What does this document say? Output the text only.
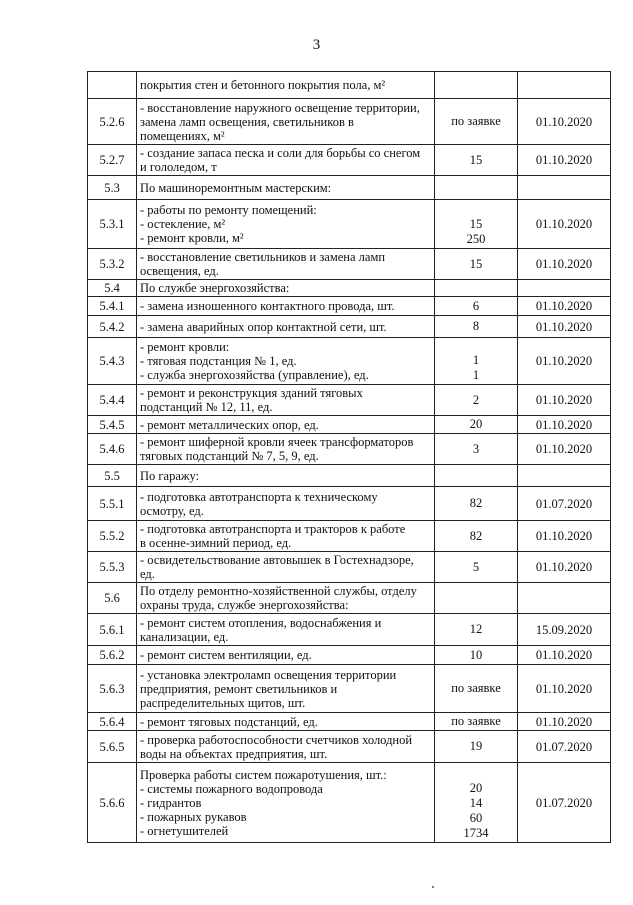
3

	покрытия стен и бетонного покрытия пола, м²		

5.2.6	- восстановление наружного освещение территории,
замена ламп освещения, светильников в
помещениях, м²	по заявке	01.10.2020
5.2.7	- создание запаса песка и соли для борьбы со снегом
и гололедом, т	15	01.10.2020
5.3	По машиноремонтным мастерским:		

5.3.1	- работы по ремонту помещений:
- остекление, м²
- ремонт кровли, м²	15
250	01.10.2020
5.3.2	- восстановление светильников и замена ламп
освещения, ед.	15	01.10.2020
5.4	По службе энергохозяйства:		

5.4.1	- замена изношенного контактного провода, шт.	6	01.10.2020
5.4.2	- замена аварийных опор контактной сети, шт.	8	01.10.2020
5.4.3	- ремонт кровли:
- тяговая подстанция № 1, ед.
- служба энергохозяйства (управление), ед.	1
1	01.10.2020
5.4.4	- ремонт и реконструкция зданий тяговых
подстанций № 12, 11, ед.	2	01.10.2020
5.4.5	- ремонт металлических опор, ед.	20	01.10.2020
5.4.6	- ремонт шиферной кровли ячеек трансформаторов
тяговых подстанций № 7, 5, 9, ед.	3	01.10.2020
5.5	По гаражу:		

5.5.1	- подготовка автотранспорта к техническому
осмотру, ед.	82	01.07.2020
5.5.2	- подготовка автотранспорта и тракторов к работе
в осенне-зимний период, ед.	82	01.10.2020
5.5.3	- освидетельствование автовышек в Гостехнадзоре,
ед.	5	01.10.2020
5.6	По отделу ремонтно-хозяйственной службы, отделу
охраны труда, службе энергохозяйства:		

5.6.1	- ремонт систем отопления, водоснабжения и
канализации, ед.	12	15.09.2020
5.6.2	- ремонт систем вентиляции, ед.	10	01.10.2020
5.6.3	- установка электроламп освещения территории
предприятия, ремонт светильников и
распределительных щитов, шт.	по заявке	01.10.2020
5.6.4	- ремонт тяговых подстанций, ед.	по заявке	01.10.2020
5.6.5	- проверка работоспособности счетчиков холодной
воды на объектах предприятия, шт.	19	01.07.2020
5.6.6	Проверка работы систем пожаротушения, шт.:
- системы пожарного водопровода
- гидрантов
- пожарных рукавов
- огнетушителей	20
14
60
1734	01.07.2020
